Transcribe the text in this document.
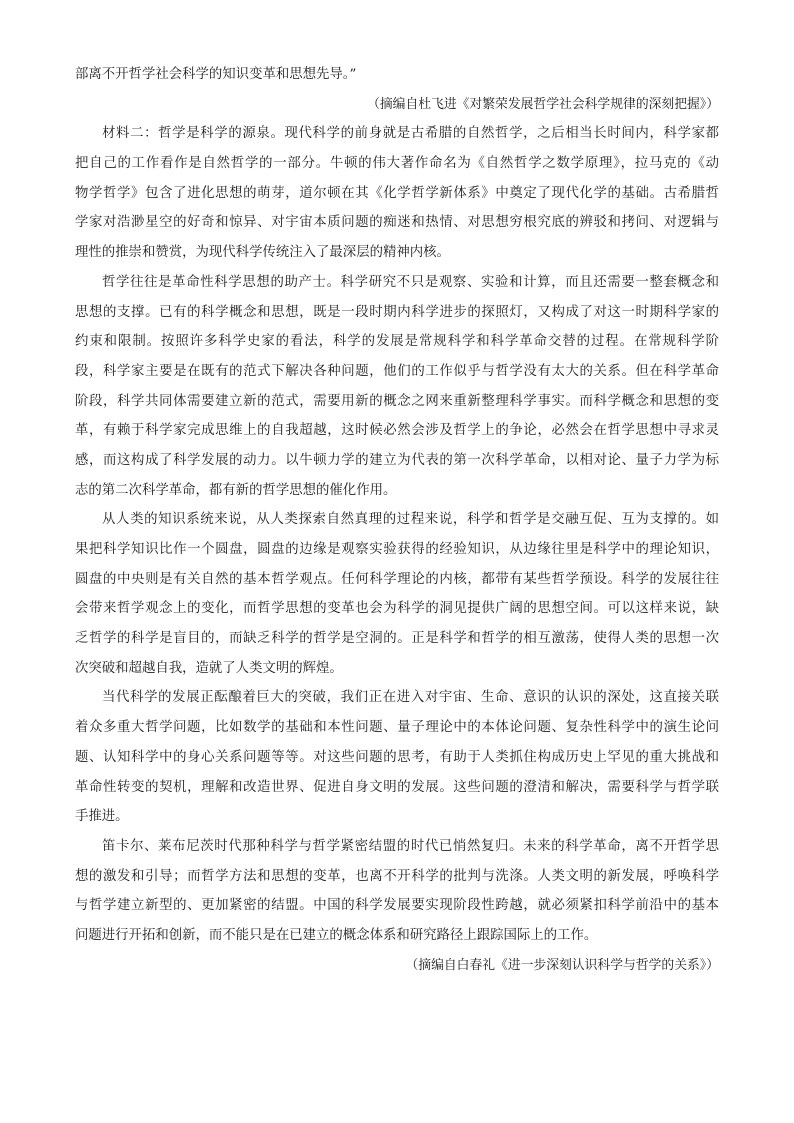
部离不开哲学社会科学的知识变革和思想先导。”
（摘编自杜飞进《对繁荣发展哲学社会科学规律的深刻把握》）
材料二：哲学是科学的源泉。现代科学的前身就是古希腊的自然哲学，之后相当长时间内，科学家都
把自己的工作看作是自然哲学的一部分。牛顿的伟大著作命名为《自然哲学之数学原理》，拉马克的《动
物学哲学》包含了进化思想的萌芽，道尔顿在其《化学哲学新体系》中奠定了现代化学的基础。古希腊哲
学家对浩渺星空的好奇和惊异、对宇宙本质问题的痴迷和热情、对思想穷根究底的辨驳和拷问、对逻辑与
理性的推崇和赞赏，为现代科学传统注入了最深层的精神内核。
哲学往往是革命性科学思想的助产士。科学研究不只是观察、实验和计算，而且还需要一整套概念和
思想的支撑。已有的科学概念和思想，既是一段时期内科学进步的探照灯，又构成了对这一时期科学家的
约束和限制。按照许多科学史家的看法，科学的发展是常规科学和科学革命交替的过程。在常规科学阶
段，科学家主要是在既有的范式下解决各种问题，他们的工作似乎与哲学没有太大的关系。但在科学革命
阶段，科学共同体需要建立新的范式，需要用新的概念之网来重新整理科学事实。而科学概念和思想的变
革，有赖于科学家完成思维上的自我超越，这时候必然会涉及哲学上的争论，必然会在哲学思想中寻求灵
感，而这构成了科学发展的动力。以牛顿力学的建立为代表的第一次科学革命，以相对论、量子力学为标
志的第二次科学革命，都有新的哲学思想的催化作用。
从人类的知识系统来说，从人类探索自然真理的过程来说，科学和哲学是交融互促、互为支撑的。如
果把科学知识比作一个圆盘，圆盘的边缘是观察实验获得的经验知识，从边缘往里是科学中的理论知识，
圆盘的中央则是有关自然的基本哲学观点。任何科学理论的内核，都带有某些哲学预设。科学的发展往往
会带来哲学观念上的变化，而哲学思想的变革也会为科学的洞见提供广阔的思想空间。可以这样来说，缺
乏哲学的科学是盲目的，而缺乏科学的哲学是空洞的。正是科学和哲学的相互激荡，使得人类的思想一次
次突破和超越自我，造就了人类文明的辉煌。
当代科学的发展正酝酿着巨大的突破，我们正在进入对宇宙、生命、意识的认识的深处，这直接关联
着众多重大哲学问题，比如数学的基础和本性问题、量子理论中的本体论问题、复杂性科学中的演生论问
题、认知科学中的身心关系问题等等。对这些问题的思考，有助于人类抓住构成历史上罕见的重大挑战和
革命性转变的契机，理解和改造世界、促进自身文明的发展。这些问题的澄清和解决，需要科学与哲学联
手推进。
笛卡尔、莱布尼茨时代那种科学与哲学紧密结盟的时代已悄然复归。未来的科学革命，离不开哲学思
想的激发和引导；而哲学方法和思想的变革，也离不开科学的批判与洗涤。人类文明的新发展，呼唤科学
与哲学建立新型的、更加紧密的结盟。中国的科学发展要实现阶段性跨越，就必须紧扣科学前沿中的基本
问题进行开拓和创新，而不能只是在已建立的概念体系和研究路径上跟踪国际上的工作。
（摘编自白春礼《进一步深刻认识科学与哲学的关系》）
